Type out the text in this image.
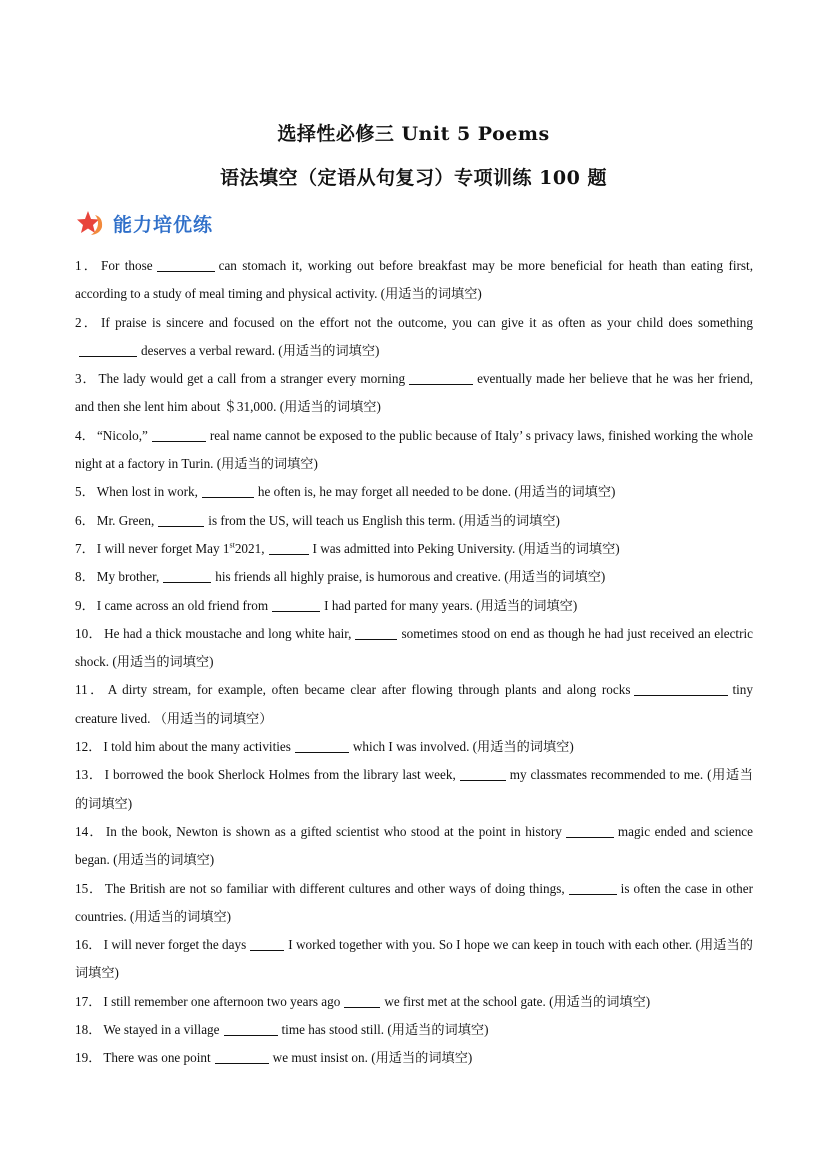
选择性必修三 Unit 5 Poems
语法填空（定语从句复习）专项训练 100 题
能力培优练

1． For those	can stomach it, working out before breakfast may be more beneficial for heath than eating first, according to a study of meal timing and physical activity. (用适当的词填空)

2． If praise is sincere and focused on the effort not the outcome, you can give it as often as your child does somethingdeserves a verbal reward. (用适当的词填空)

3． The lady would get a call from a stranger every morning	eventually made her believe that he was her friend, and then she lent him about ＄31,000. (用适当的词填空)

4． “Nicolo,”	real name cannot be exposed to the public because of Italy’ s privacy laws, finished working the whole night at a factory in Turin. (用适当的词填空)

5． When lost in work,	he often is, he may forget all needed to be done. (用适当的词填空)

6． Mr. Green,	is from the US, will teach us English this term. (用适当的词填空)

7． I will never forget May 1st2021,	I was admitted into Peking University. (用适当的词填空)

8． My brother,	his friends all highly praise, is humorous and creative. (用适当的词填空)

9． I came across an old friend from	I had parted for many years. (用适当的词填空)

10． He had a thick moustache and long white hair,	sometimes stood on end as though he had just received an electric shock. (用适当的词填空)

11． A dirty stream, for example, often became clear after flowing through plants and along rocks	tiny creature lived. （用适当的词填空）

12． I told him about the many activities	which I was involved. (用适当的词填空)

13． I borrowed the book Sherlock Holmes from the library last week,	my classmates recommended to me. (用适当的词填空)

14． In the book, Newton is shown as a gifted scientist who stood at the point in history	magic ended and science began. (用适当的词填空)

15． The British are not so familiar with different cultures and other ways of doing things,	is often the case in other countries. (用适当的词填空)

16． I will never forget the days	I worked together with you. So I hope we can keep in touch with each other. (用适当的词填空)

17． I still remember one afternoon two years ago	we first met at the school gate. (用适当的词填空)

18． We stayed in a village	time has stood still. (用适当的词填空)

19． There was one point	we must insist on. (用适当的词填空)
